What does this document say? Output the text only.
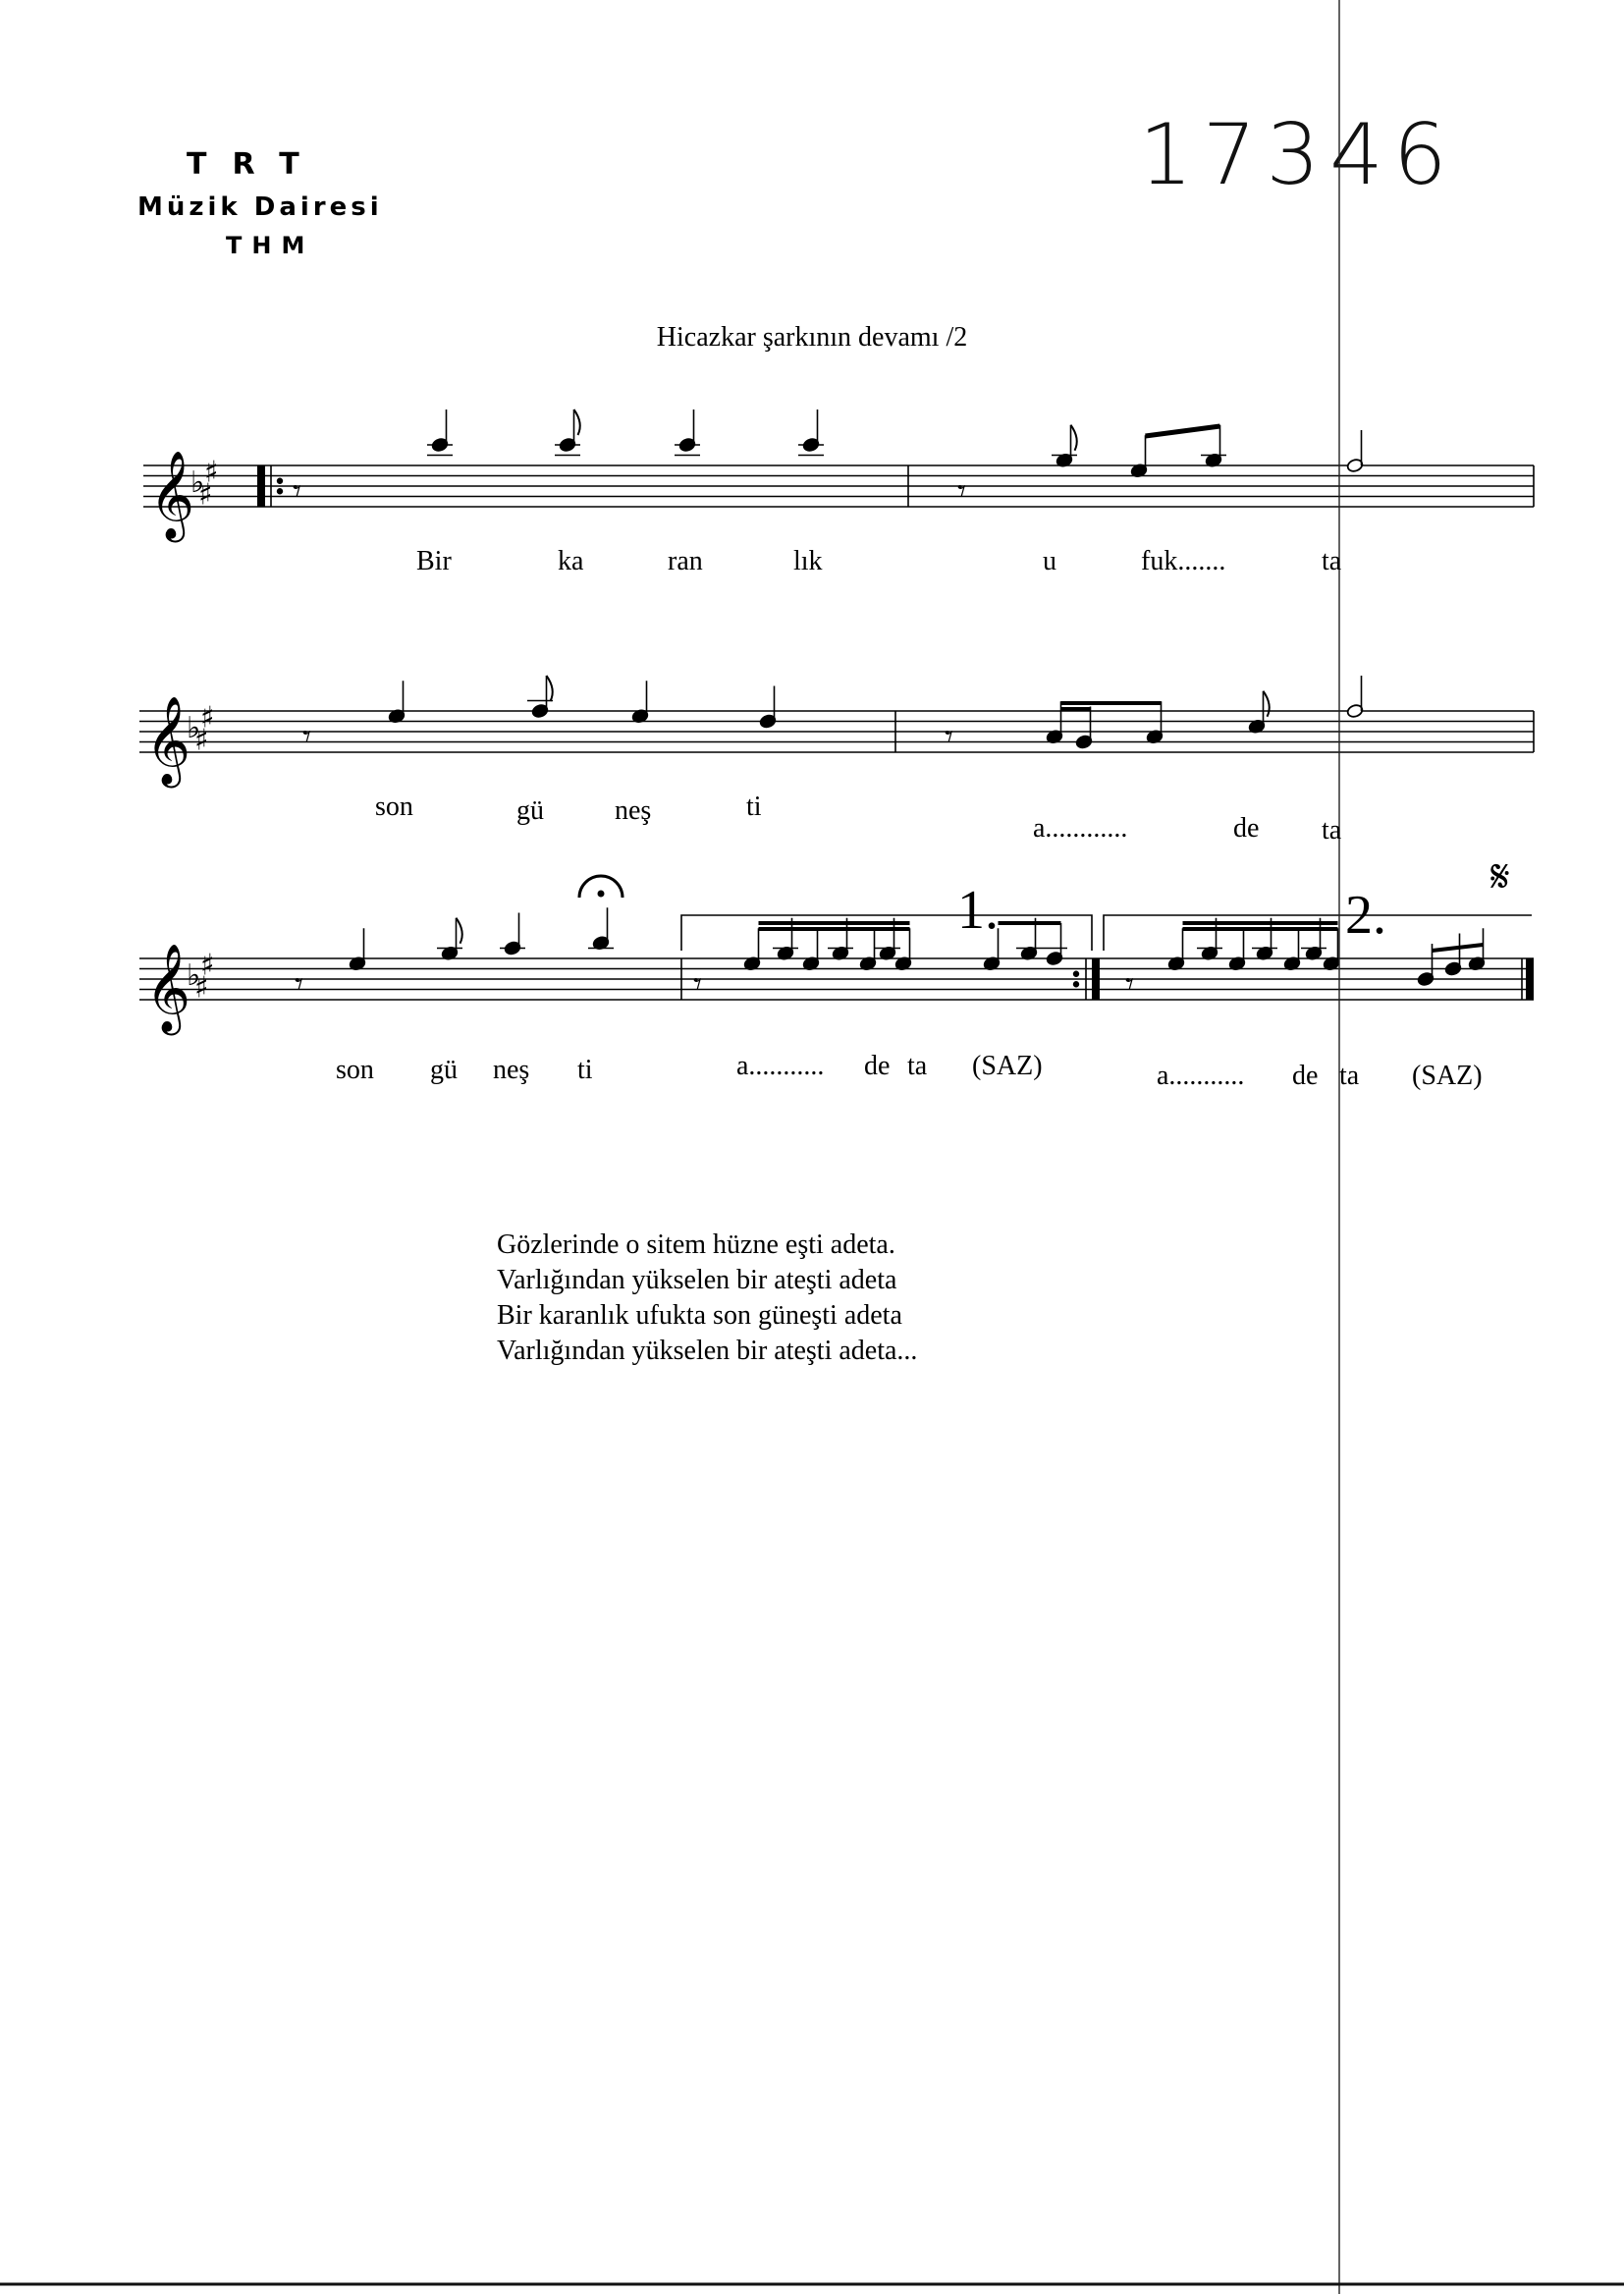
TRT
Müzik Dairesi
THM
17346
Hicazkar şarkının devamı /2
𝄞
♭ ♯
♯ 𝄾	𝄾
𝄞
♭ ♯
♯	𝄾	𝄾
𝄞
♭ ♯
♯	𝄾	𝄾	𝄾
𝄋
1.	2.
Bir	ka	ran	lık	u	fuk.......	ta
son	gü	neş	ti
a............	de ta
son gü neş ti	a........... de ta (SAZ)	a........... de ta (SAZ)
Gözlerinde o sitem hüzne eşti adeta.
Varlığından yükselen bir ateşti adeta
Bir karanlık ufukta son güneşti adeta
Varlığından yükselen bir ateşti adeta...
